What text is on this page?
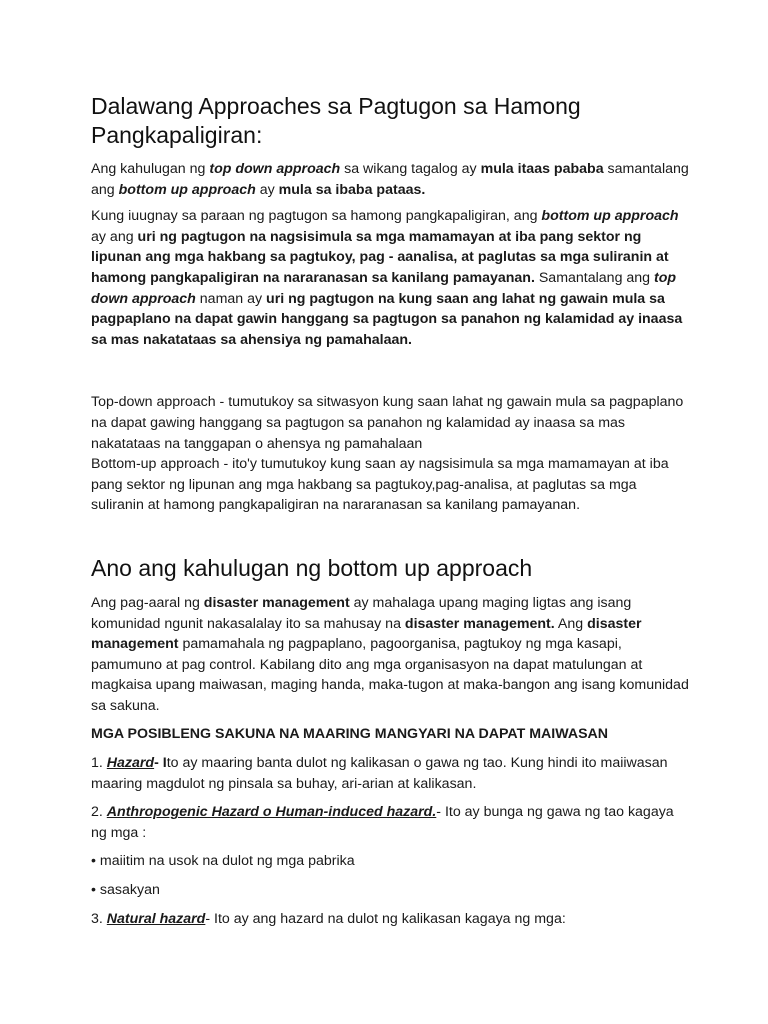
Dalawang Approaches sa Pagtugon sa Hamong Pangkapaligiran:

Ang kahulugan ng top down approach sa wikang tagalog ay mula itaas pababa samantalang ang bottom up approach ay mula sa ibaba pataas.

Kung iuugnay sa paraan ng pagtugon sa hamong pangkapaligiran, ang bottom up approach ay ang uri ng pagtugon na nagsisimula sa mga mamamayan at iba pang sektor ng lipunan ang mga hakbang sa pagtukoy, pag - aanalisa, at paglutas sa mga suliranin at hamong pangkapaligiran na nararanasan sa kanilang pamayanan. Samantalang ang top down approach naman ay uri ng pagtugon na kung saan ang lahat ng gawain mula sa pagpaplano na dapat gawin hanggang sa pagtugon sa panahon ng kalamidad ay inaasa sa mas nakatataas sa ahensiya ng pamahalaan.

Top-down approach - tumutukoy sa sitwasyon kung saan lahat ng gawain mula sa pagpaplano na dapat gawing hanggang sa pagtugon sa panahon ng kalamidad ay inaasa sa mas nakatataas na tanggapan o ahensya ng pamahalaan
Bottom-up approach - ito'y tumutukoy kung saan ay nagsisimula sa mga mamamayan at iba pang sektor ng lipunan ang mga hakbang sa pagtukoy,pag-analisa, at paglutas sa mga suliranin at hamong pangkapaligiran na nararanasan sa kanilang pamayanan.

Ano ang kahulugan ng bottom up approach

Ang pag-aaral ng disaster management ay mahalaga upang maging ligtas ang isang komunidad ngunit nakasalalay ito sa mahusay na disaster management. Ang disaster management pamamahala ng pagpaplano, pagoorganisa, pagtukoy ng mga kasapi, pamumuno at pag control. Kabilang dito ang mga organisasyon na dapat matulungan at magkaisa upang maiwasan, maging handa, maka-tugon at maka-bangon ang isang komunidad sa sakuna.

MGA POSIBLENG SAKUNA NA MAARING MANGYARI NA DAPAT MAIWASAN

1. Hazard- Ito ay maaring banta dulot ng kalikasan o gawa ng tao. Kung hindi ito maiiwasan maaring magdulot ng pinsala sa buhay, ari-arian at kalikasan.

2. Anthropogenic Hazard o Human-induced hazard.- Ito ay bunga ng gawa ng tao kagaya ng mga :

• maiitim na usok na dulot ng mga pabrika

• sasakyan

3. Natural hazard- Ito ay ang hazard na dulot ng kalikasan kagaya ng mga:
